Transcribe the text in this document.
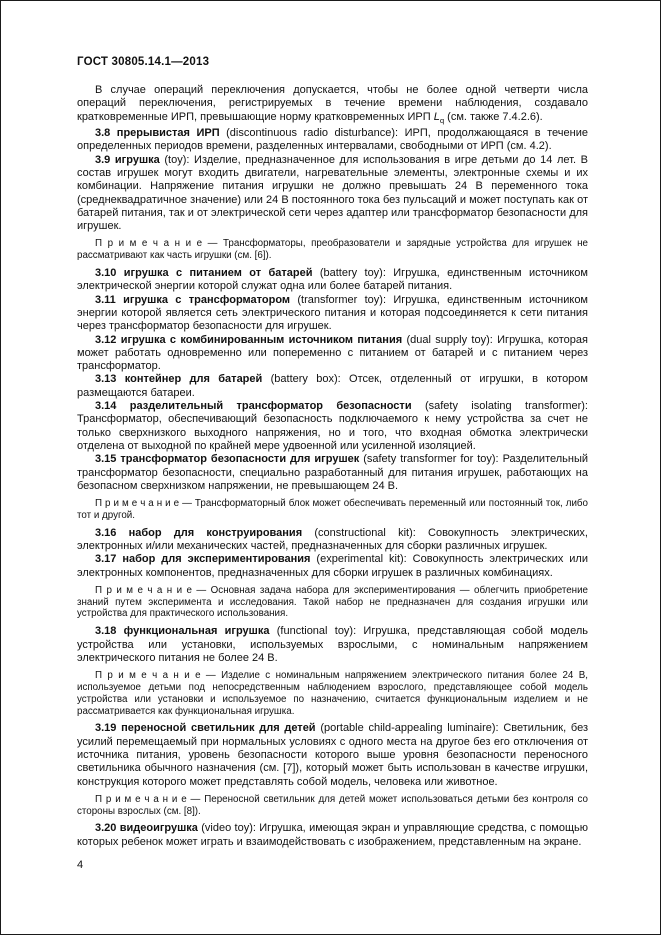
ГОСТ 30805.14.1—2013

В случае операций переключения допускается, чтобы не более одной четверти числа операций переключения, регистрируемых в течение времени наблюдения, создавало кратковременные ИРП, превышающие норму кратковременных ИРП $L_q$ (см. также 7.4.2.6).

3.8 прерывистая ИРП (discontinuous radio disturbance): ИРП, продолжающаяся в течение определенных периодов времени, разделенных интервалами, свободными от ИРП (см. 4.2).

3.9 игрушка (toy): Изделие, предназначенное для использования в игре детьми до 14 лет. В состав игрушек могут входить двигатели, нагревательные элементы, электронные схемы и их комбинации. Напряжение питания игрушки не должно превышать 24 В переменного тока (среднеквадратичное значение) или 24 В постоянного тока без пульсаций и может поступать как от батарей питания, так и от электрической сети через адаптер или трансформатор безопасности для игрушек.

П р и м е ч а н и е — Трансформаторы, преобразователи и зарядные устройства для игрушек не рассматривают как часть игрушки (см. [6]).

3.10 игрушка с питанием от батарей (battery toy): Игрушка, единственным источником электрической энергии которой служат одна или более батарей питания.

3.11 игрушка с трансформатором (transformer toy): Игрушка, единственным источником энергии которой является сеть электрического питания и которая подсоединяется к сети питания через трансформатор безопасности для игрушек.

3.12 игрушка с комбинированным источником питания (dual supply toy): Игрушка, которая может работать одновременно или попеременно с питанием от батарей и с питанием через трансформатор.

3.13 контейнер для батарей (battery box): Отсек, отделенный от игрушки, в котором размещаются батареи.

3.14 разделительный трансформатор безопасности (safety isolating transformer): Трансформатор, обеспечивающий безопасность подключаемого к нему устройства за счет не только сверхнизкого выходного напряжения, но и того, что входная обмотка электрически отделена от выходной по крайней мере удвоенной или усиленной изоляцией.

3.15 трансформатор безопасности для игрушек (safety transformer for toy): Разделительный трансформатор безопасности, специально разработанный для питания игрушек, работающих на безопасном сверхнизком напряжении, не превышающем 24 В.

П р и м е ч а н и е — Трансформаторный блок может обеспечивать переменный или постоянный ток, либо тот и другой.

3.16 набор для конструирования (constructional kit): Совокупность электрических, электронных и/или механических частей, предназначенных для сборки различных игрушек.

3.17 набор для экспериментирования (experimental kit): Совокупность электрических или электронных компонентов, предназначенных для сборки игрушек в различных комбинациях.

П р и м е ч а н и е — Основная задача набора для экспериментирования — облегчить приобретение знаний путем эксперимента и исследования. Такой набор не предназначен для создания игрушки или устройства для практического использования.

3.18 функциональная игрушка (functional toy): Игрушка, представляющая собой модель устройства или установки, используемых взрослыми, с номинальным напряжением электрического питания не более 24 В.

П р и м е ч а н и е — Изделие с номинальным напряжением электрического питания более 24 В, используемое детьми под непосредственным наблюдением взрослого, представляющее собой модель устройства или установки и используемое по назначению, считается функциональным изделием и не рассматривается как функциональная игрушка.

3.19 переносной светильник для детей (portable child-appealing luminaire): Светильник, без усилий перемещаемый при нормальных условиях с одного места на другое без его отключения от источника питания, уровень безопасности которого выше уровня безопасности переносного светильника обычного назначения (см. [7]), который может быть использован в качестве игрушки, конструкция которого может представлять собой модель, человека или животное.

П р и м е ч а н и е — Переносной светильник для детей может использоваться детьми без контроля со стороны взрослых (см. [8]).

3.20 видеоигрушка (video toy): Игрушка, имеющая экран и управляющие средства, с помощью которых ребенок может играть и взаимодействовать с изображением, представленным на экране.

4
